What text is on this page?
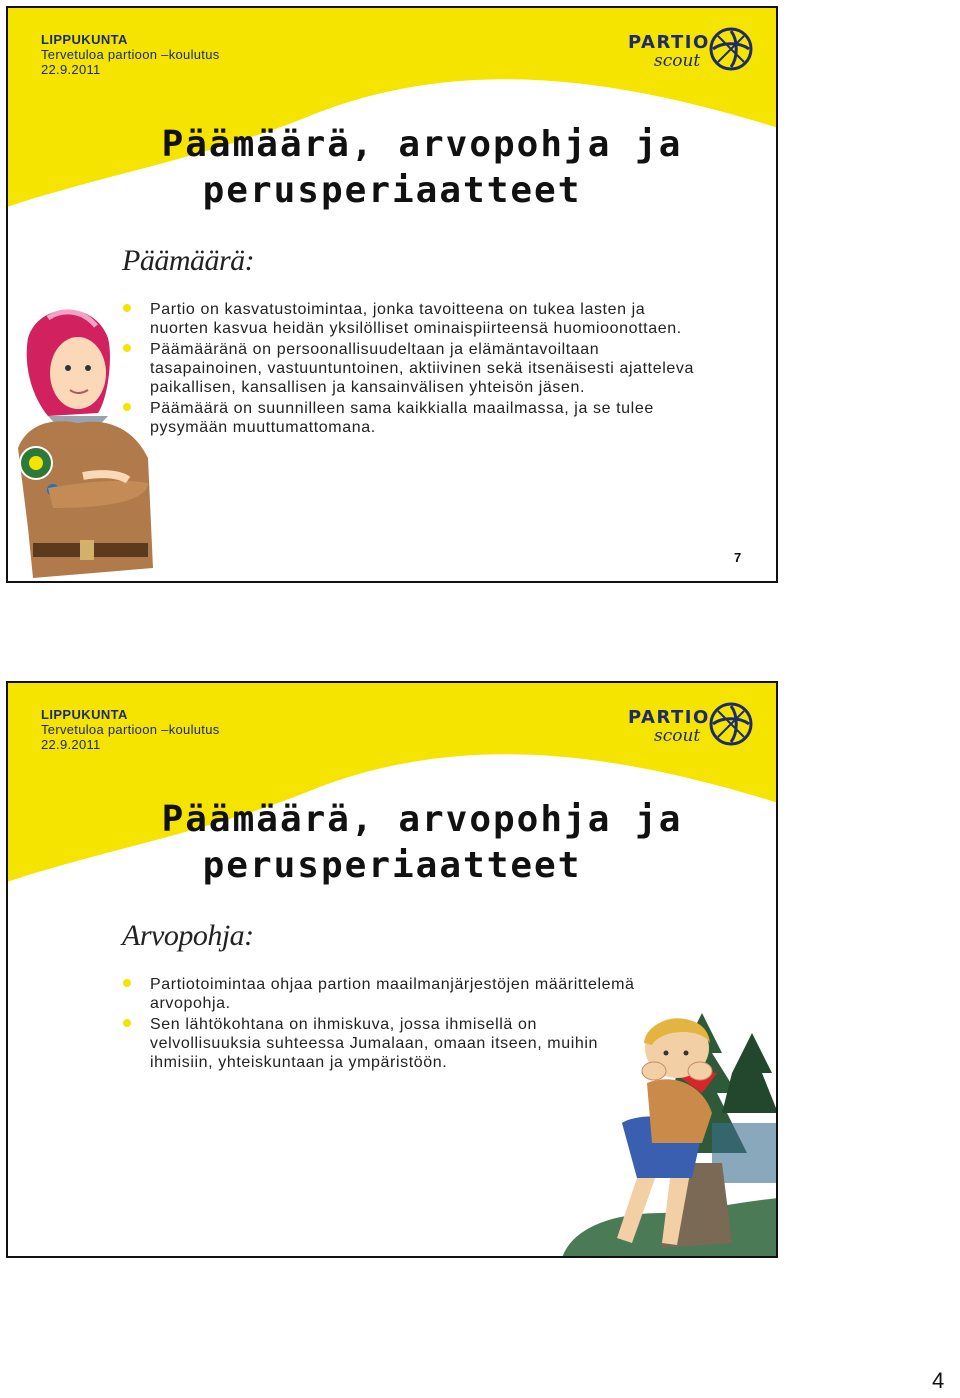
LIPPUKUNTA
Tervetuloa partioon –koulutus
22.9.2011
PARTIO
scout
Päämäärä, arvopohja ja
perusperiaatteet
Päämäärä:
Partio on kasvatustoimintaa, jonka tavoitteena on tukea lasten ja nuorten kasvua heidän yksilölliset ominaispiirteensä huomioonottaen.
Päämääränä on persoonallisuudeltaan ja elämäntavoiltaan tasapainoinen, vastuuntuntoinen, aktiivinen sekä itsenäisesti ajatteleva paikallisen, kansallisen ja kansainvälisen yhteisön jäsen.
Päämäärä on suunnilleen sama kaikkialla maailmassa, ja se tulee pysymään muuttumattomana.
7
LIPPUKUNTA
Tervetuloa partioon –koulutus
22.9.2011
PARTIO
scout
Päämäärä, arvopohja ja
perusperiaatteet
Arvopohja:
Partiotoimintaa ohjaa partion maailmanjärjestöjen määrittelemä arvopohja.
Sen lähtökohtana on ihmiskuva, jossa ihmisellä on velvollisuuksia suhteessa Jumalaan, omaan itseen, muihin ihmisiin, yhteiskuntaan ja ympäristöön.
4
